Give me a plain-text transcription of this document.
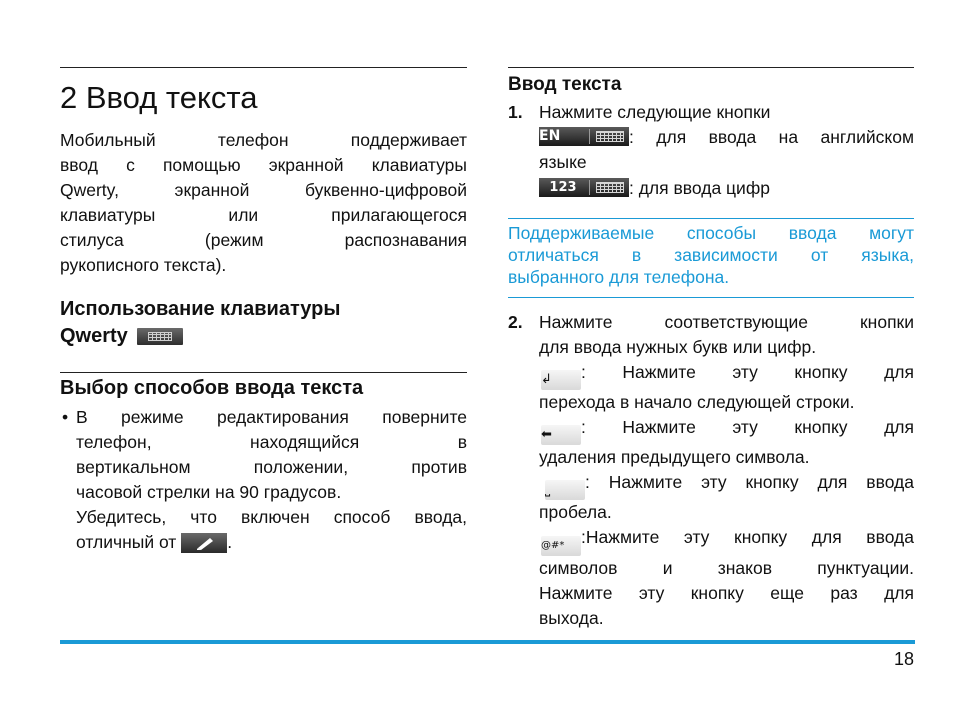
2 Ввод текста
Мобильный телефон поддерживает
ввод с помощью экранной клавиатуры
Qwerty, экранной буквенно-цифровой
клавиатуры или прилагающегося
стилуса (режим распознавания
рукописного текста).
Использование клавиатуры
Qwerty
Выбор способов ввода текста
• В режиме редактирования поверните
телефон, находящийся в
вертикальном положении, против
часовой стрелки на 90 градусов.
Убедитесь, что включен способ ввода,
отличный от	.
Ввод текста
1. Нажмите следующие кнопки
EN	: для ввода на английском
языке
123	: для ввода цифр
Поддерживаемые способы ввода могут
отличаться в зависимости от языка,
выбранного для телефона.
2. Нажмите соответствующие кнопки
для ввода нужных букв или цифр.
↲ : Нажмите эту кнопку для
перехода в начало следующей строки.
⬅ : Нажмите эту кнопку для
удаления предыдущего символа.
⎵ : Нажмите эту кнопку для ввода
пробела.
@#* :Нажмите эту кнопку для ввода
символов и знаков пунктуации.
Нажмите эту кнопку еще раз для
выхода.
18
